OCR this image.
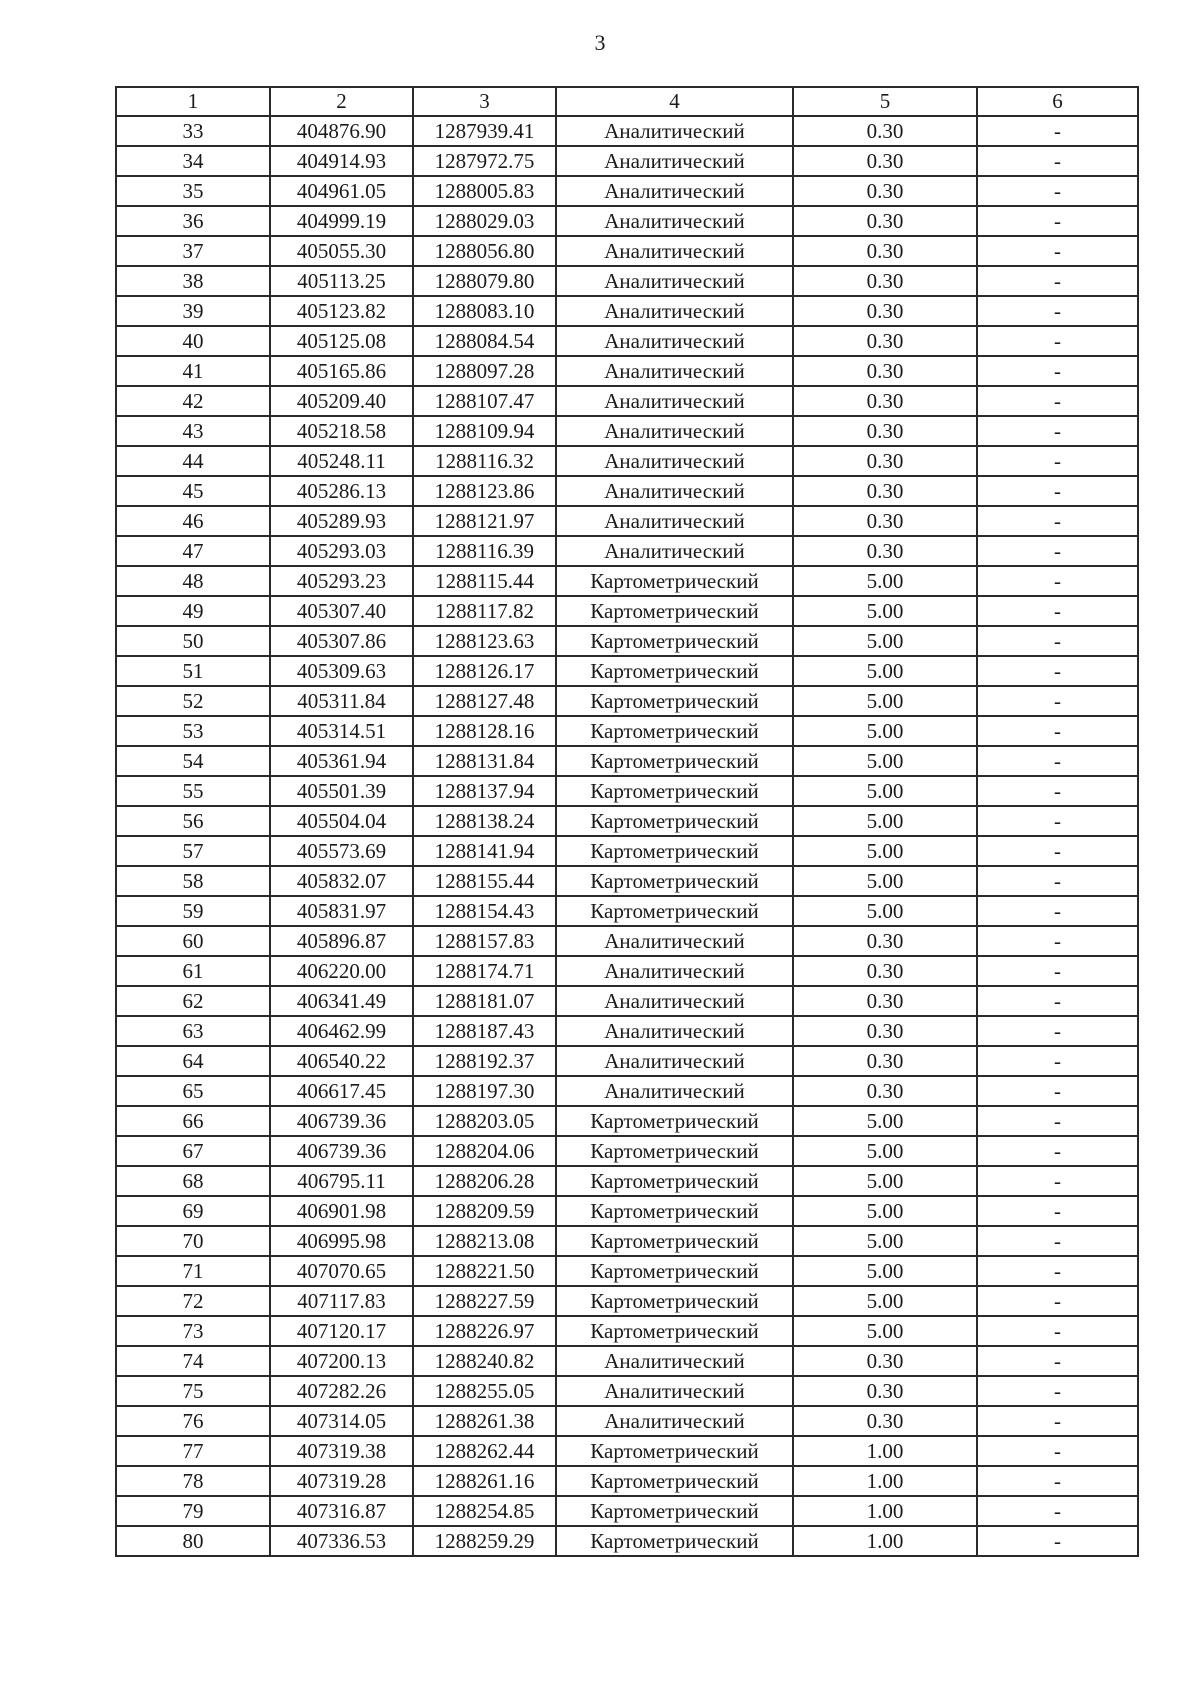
3
1	2	3	4	5	6
33	404876.90	1287939.41	Аналитический	0.30	-
34	404914.93	1287972.75	Аналитический	0.30	-
35	404961.05	1288005.83	Аналитический	0.30	-
36	404999.19	1288029.03	Аналитический	0.30	-
37	405055.30	1288056.80	Аналитический	0.30	-
38	405113.25	1288079.80	Аналитический	0.30	-
39	405123.82	1288083.10	Аналитический	0.30	-
40	405125.08	1288084.54	Аналитический	0.30	-
41	405165.86	1288097.28	Аналитический	0.30	-
42	405209.40	1288107.47	Аналитический	0.30	-
43	405218.58	1288109.94	Аналитический	0.30	-
44	405248.11	1288116.32	Аналитический	0.30	-
45	405286.13	1288123.86	Аналитический	0.30	-
46	405289.93	1288121.97	Аналитический	0.30	-
47	405293.03	1288116.39	Аналитический	0.30	-
48	405293.23	1288115.44	Картометрический	5.00	-
49	405307.40	1288117.82	Картометрический	5.00	-
50	405307.86	1288123.63	Картометрический	5.00	-
51	405309.63	1288126.17	Картометрический	5.00	-
52	405311.84	1288127.48	Картометрический	5.00	-
53	405314.51	1288128.16	Картометрический	5.00	-
54	405361.94	1288131.84	Картометрический	5.00	-
55	405501.39	1288137.94	Картометрический	5.00	-
56	405504.04	1288138.24	Картометрический	5.00	-
57	405573.69	1288141.94	Картометрический	5.00	-
58	405832.07	1288155.44	Картометрический	5.00	-
59	405831.97	1288154.43	Картометрический	5.00	-
60	405896.87	1288157.83	Аналитический	0.30	-
61	406220.00	1288174.71	Аналитический	0.30	-
62	406341.49	1288181.07	Аналитический	0.30	-
63	406462.99	1288187.43	Аналитический	0.30	-
64	406540.22	1288192.37	Аналитический	0.30	-
65	406617.45	1288197.30	Аналитический	0.30	-
66	406739.36	1288203.05	Картометрический	5.00	-
67	406739.36	1288204.06	Картометрический	5.00	-
68	406795.11	1288206.28	Картометрический	5.00	-
69	406901.98	1288209.59	Картометрический	5.00	-
70	406995.98	1288213.08	Картометрический	5.00	-
71	407070.65	1288221.50	Картометрический	5.00	-
72	407117.83	1288227.59	Картометрический	5.00	-
73	407120.17	1288226.97	Картометрический	5.00	-
74	407200.13	1288240.82	Аналитический	0.30	-
75	407282.26	1288255.05	Аналитический	0.30	-
76	407314.05	1288261.38	Аналитический	0.30	-
77	407319.38	1288262.44	Картометрический	1.00	-
78	407319.28	1288261.16	Картометрический	1.00	-
79	407316.87	1288254.85	Картометрический	1.00	-
80	407336.53	1288259.29	Картометрический	1.00	-
